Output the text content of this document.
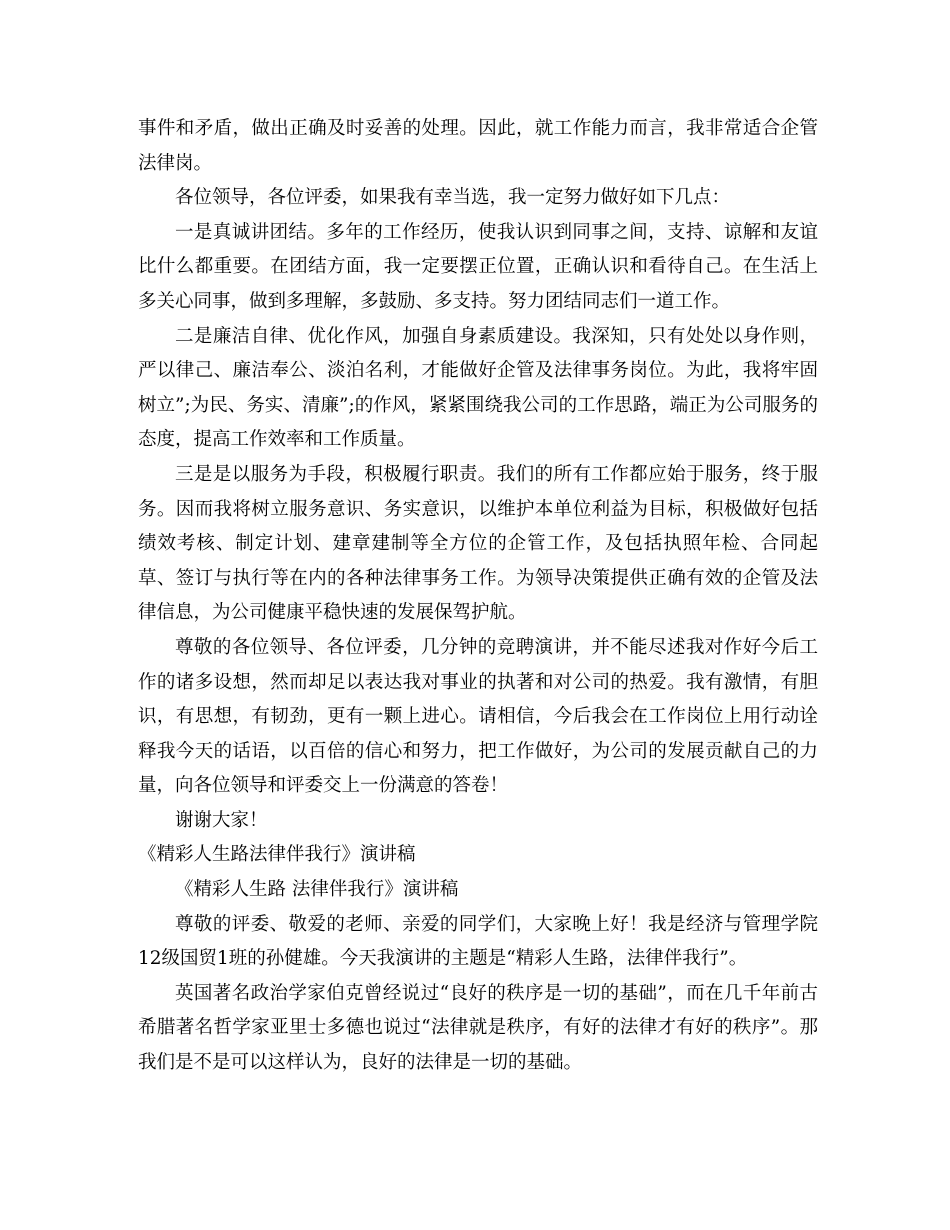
事件和矛盾，做出正确及时妥善的处理。因此，就工作能力而言，我非常适合企管法律岗。

各位领导，各位评委，如果我有幸当选，我一定努力做好如下几点：

一是真诚讲团结。多年的工作经历，使我认识到同事之间，支持、谅解和友谊比什么都重要。在团结方面，我一定要摆正位置，正确认识和看待自己。在生活上多关心同事，做到多理解，多鼓励、多支持。努力团结同志们一道工作。

二是廉洁自律、优化作风，加强自身素质建设。我深知，只有处处以身作则，严以律己、廉洁奉公、淡泊名利，才能做好企管及法律事务岗位。为此，我将牢固树立”;为民、务实、清廉”;的作风，紧紧围绕我公司的工作思路，端正为公司服务的态度，提高工作效率和工作质量。

三是是以服务为手段，积极履行职责。我们的所有工作都应始于服务，终于服务。因而我将树立服务意识、务实意识，以维护本单位利益为目标，积极做好包括绩效考核、制定计划、建章建制等全方位的企管工作，及包括执照年检、合同起草、签订与执行等在内的各种法律事务工作。为领导决策提供正确有效的企管及法律信息，为公司健康平稳快速的发展保驾护航。

尊敬的各位领导、各位评委，几分钟的竞聘演讲，并不能尽述我对作好今后工作的诸多设想，然而却足以表达我对事业的执著和对公司的热爱。我有激情，有胆识，有思想，有韧劲，更有一颗上进心。请相信，今后我会在工作岗位上用行动诠释我今天的话语，以百倍的信心和努力，把工作做好，为公司的发展贡献自己的力量，向各位领导和评委交上一份满意的答卷！

谢谢大家！

《精彩人生路法律伴我行》演讲稿

《精彩人生路 法律伴我行》演讲稿

尊敬的评委、敬爱的老师、亲爱的同学们，大家晚上好！我是经济与管理学院12级国贸1班的孙健雄。今天我演讲的主题是“精彩人生路，法律伴我行”。

英国著名政治学家伯克曾经说过“良好的秩序是一切的基础”，而在几千年前古希腊著名哲学家亚里士多德也说过“法律就是秩序，有好的法律才有好的秩序”。那我们是不是可以这样认为，良好的法律是一切的基础。
